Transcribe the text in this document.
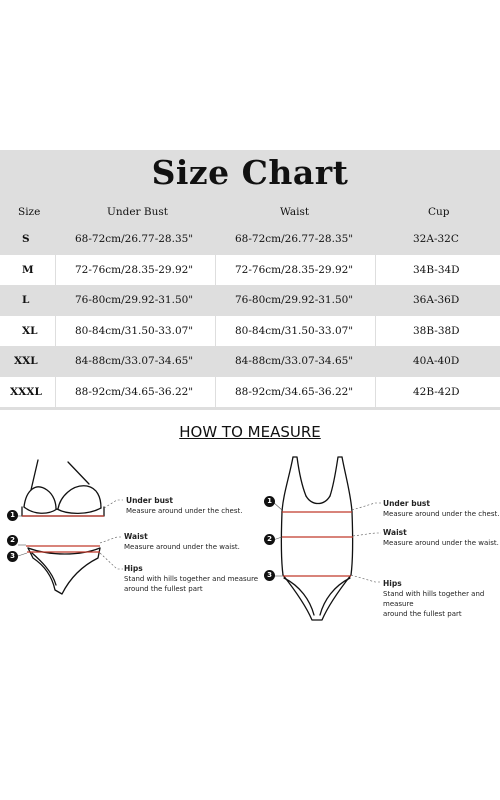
Size Chart
Size	Under Bust	Waist	Cup
S	68-72cm/26.77-28.35"	68-72cm/26.77-28.35"	32A-32C
M	72-76cm/28.35-29.92"	72-76cm/28.35-29.92"	34B-34D
L	76-80cm/29.92-31.50"	76-80cm/29.92-31.50"	36A-36D
XL	80-84cm/31.50-33.07"	80-84cm/31.50-33.07"	38B-38D
XXL	84-88cm/33.07-34.65"	84-88cm/33.07-34.65"	40A-40D
XXXL	88-92cm/34.65-36.22"	88-92cm/34.65-36.22"	42B-42D
HOW TO MEASURE
1
2
3
Under bust
Measure around under the chest.
Waist
Measure around under the waist.
Hips
Stand with hills together and measure
around the fullest part
1
2
3
Under bust
Measure around under the chest.
Waist
Measure around under the waist.
Hips
Stand with hills together and measure
around the fullest part
